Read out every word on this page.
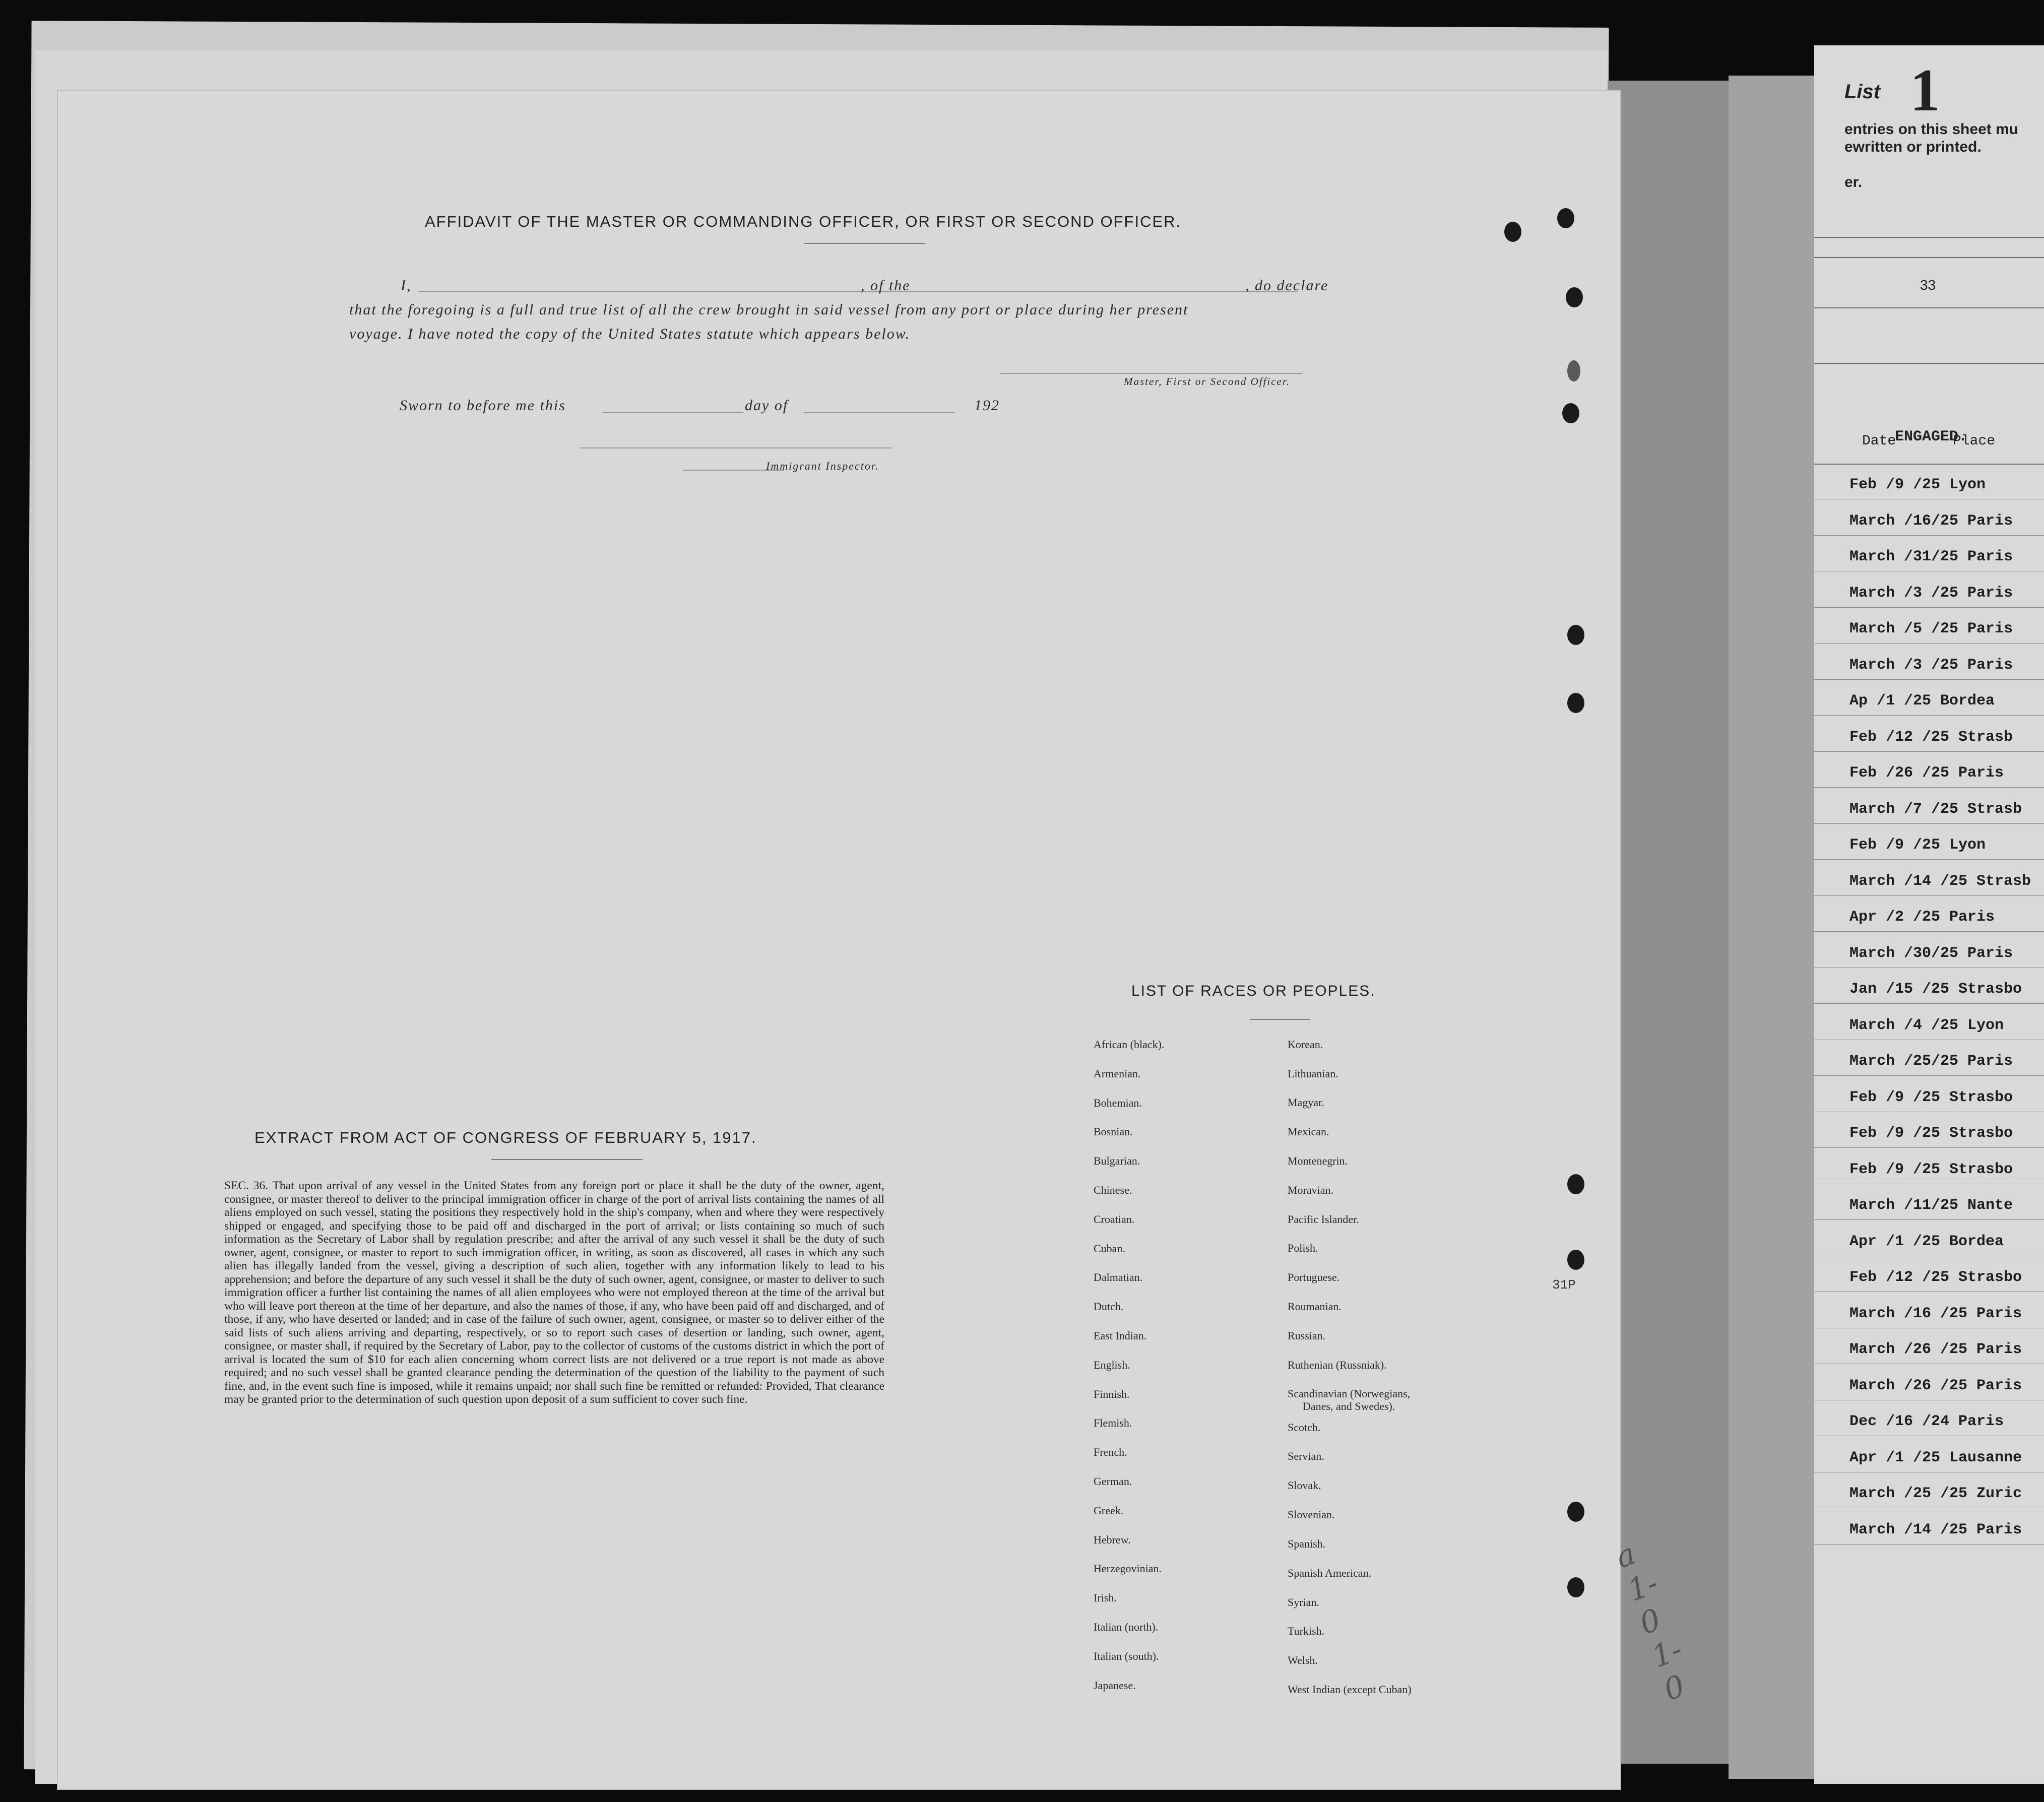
List 1
entries on this sheet mu
ewritten or printed.
er.
33
ENGAGED.
Date	Place
Feb /9 /25 Lyon
March /16/25 Paris
March /31/25 Paris
March /3 /25 Paris
March /5 /25 Paris
March /3 /25 Paris
Ap /1 /25 Bordea
Feb /12 /25 Strasb
Feb /26 /25 Paris
March /7 /25 Strasb
Feb /9 /25 Lyon
March /14 /25 Strasb
Apr /2 /25 Paris
March /30/25 Paris
Jan /15 /25 Strasbo
March /4 /25 Lyon
March /25/25 Paris
Feb /9 /25 Strasbo
Feb /9 /25 Strasbo
Feb /9 /25 Strasbo
March /11/25 Nante
Apr /1 /25 Bordea
Feb /12 /25 Strasbo
March /16 /25 Paris
March /26 /25 Paris
March /26 /25 Paris
Dec /16 /24 Paris
Apr /1 /25 Lausanne
March /25 /25 Zuric
March /14 /25 Paris
AFFIDAVIT OF THE MASTER OR COMMANDING OFFICER, OR FIRST OR SECOND OFFICER.
I,	, of the	, do declare
that the foregoing is a full and true list of all the crew brought in said vessel from any port or place during her present
voyage. I have noted the copy of the United States statute which appears below.
Master, First or Second Officer.
Sworn to before me this	day of	192
Immigrant Inspector.
EXTRACT FROM ACT OF CONGRESS OF FEBRUARY 5, 1917.
SEC. 36. That upon arrival of any vessel in the United States from any foreign port or place it shall be the duty of the owner, agent, consignee, or master thereof to deliver to the principal immigration officer in charge of the port of arrival lists containing the names of all aliens employed on such vessel, stating the positions they respectively hold in the ship's company, when and where they were respectively shipped or engaged, and specifying those to be paid off and discharged in the port of arrival; or lists containing so much of such information as the Secretary of Labor shall by regulation prescribe; and after the arrival of any such vessel it shall be the duty of such owner, agent, consignee, or master to report to such immigration officer, in writing, as soon as discovered, all cases in which any such alien has illegally landed from the vessel, giving a description of such alien, together with any information likely to lead to his apprehension; and before the departure of any such vessel it shall be the duty of such owner, agent, consignee, or master to deliver to such immigration officer a further list containing the names of all alien employees who were not employed thereon at the time of the arrival but who will leave port thereon at the time of her departure, and also the names of those, if any, who have been paid off and discharged, and of those, if any, who have deserted or landed; and in case of the failure of such owner, agent, consignee, or master so to deliver either of the said lists of such aliens arriving and departing, respectively, or so to report such cases of desertion or landing, such owner, agent, consignee, or master shall, if required by the Secretary of Labor, pay to the collector of customs of the customs district in which the port of arrival is located the sum of $10 for each alien concerning whom correct lists are not delivered or a true report is not made as above required; and no such vessel shall be granted clearance pending the determination of the question of the liability to the payment of such fine, and, in the event such fine is imposed, while it remains unpaid; nor shall such fine be remitted or refunded: Provided, That clearance may be granted prior to the determination of such question upon deposit of a sum sufficient to cover such fine.
LIST OF RACES OR PEOPLES.
African (black).
Armenian.
Bohemian.
Bosnian.
Bulgarian.
Chinese.
Croatian.
Cuban.
Dalmatian.
Dutch.
East Indian.
English.
Finnish.
Flemish.
French.
German.
Greek.
Hebrew.
Herzegovinian.
Irish.
Italian (north).
Italian (south).
Japanese.
Korean.
Lithuanian.
Magyar.
Mexican.
Montenegrin.
Moravian.
Pacific Islander.
Polish.
Portuguese.
Roumanian.
Russian.
Ruthenian (Russniak).
Scandinavian (Norwegians,
Danes, and Swedes).
Scotch.
Servian.
Slovak.
Slovenian.
Spanish.
Spanish American.
Syrian.
Turkish.
Welsh.
West Indian (except Cuban)
31P
a 1-0 1-0
